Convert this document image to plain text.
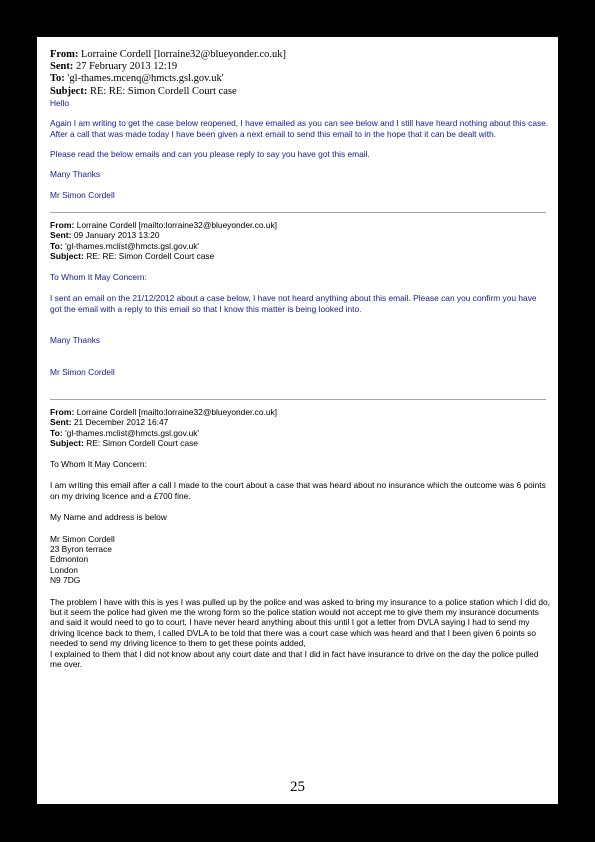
From: Lorraine Cordell [lorraine32@blueyonder.co.uk]
Sent: 27 February 2013 12:19
To: 'gl-thames.mcenq@hmcts.gsl.gov.uk'
Subject: RE: RE: Simon Cordell Court case

Hello

Again I am writing to get the case below reopened, I have emailed as you can see below and I still have heard nothing about this case. After a call that was made today I have been given a next email to send this email to in the hope that it can be dealt with.

Please read the below emails and can you please reply to say you have got this email.

Many Thanks

Mr Simon Cordell

From: Lorraine Cordell [mailto:lorraine32@blueyonder.co.uk]
Sent: 09 January 2013 13:20
To: 'gl-thames.mclist@hmcts.gsl.gov.uk'
Subject: RE: RE: Simon Cordell Court case

To Whom It May Concern:

I sent an email on the 21/12/2012 about a case below, I have not heard anything about this email. Please can you confirm you have got the email with a reply to this email so that I know this matter is being looked into.

Many Thanks

Mr Simon Cordell

From: Lorraine Cordell [mailto:lorraine32@blueyonder.co.uk]
Sent: 21 December 2012 16:47
To: 'gl-thames.mclist@hmcts.gsl.gov.uk'
Subject: RE: Simon Cordell Court case

To Whom It May Concern:

I am writing this email after a call I made to the court about a case that was heard about no insurance which the outcome was 6 points on my driving licence and a £700 fine.

My Name and address is below

Mr Simon Cordell

23 Byron terrace

Edmonton

London

N9 7DG

The problem I have with this is yes I was pulled up by the police and was asked to bring my insurance to a police station which I did do, but it seem the police had given me the wrong form so the police station would not accept me to give them my insurance documents and said it would need to go to court, I have never heard anything about this until I got a letter from DVLA saying I had to send my driving licence back to them, I called DVLA to be told that there was a court case which was heard and that I been given 6 points so needed to send my driving licence to them to get these points added,

I explained to them that I did not know about any court date and that I did in fact have insurance to drive on the day the police pulled me over.

25
